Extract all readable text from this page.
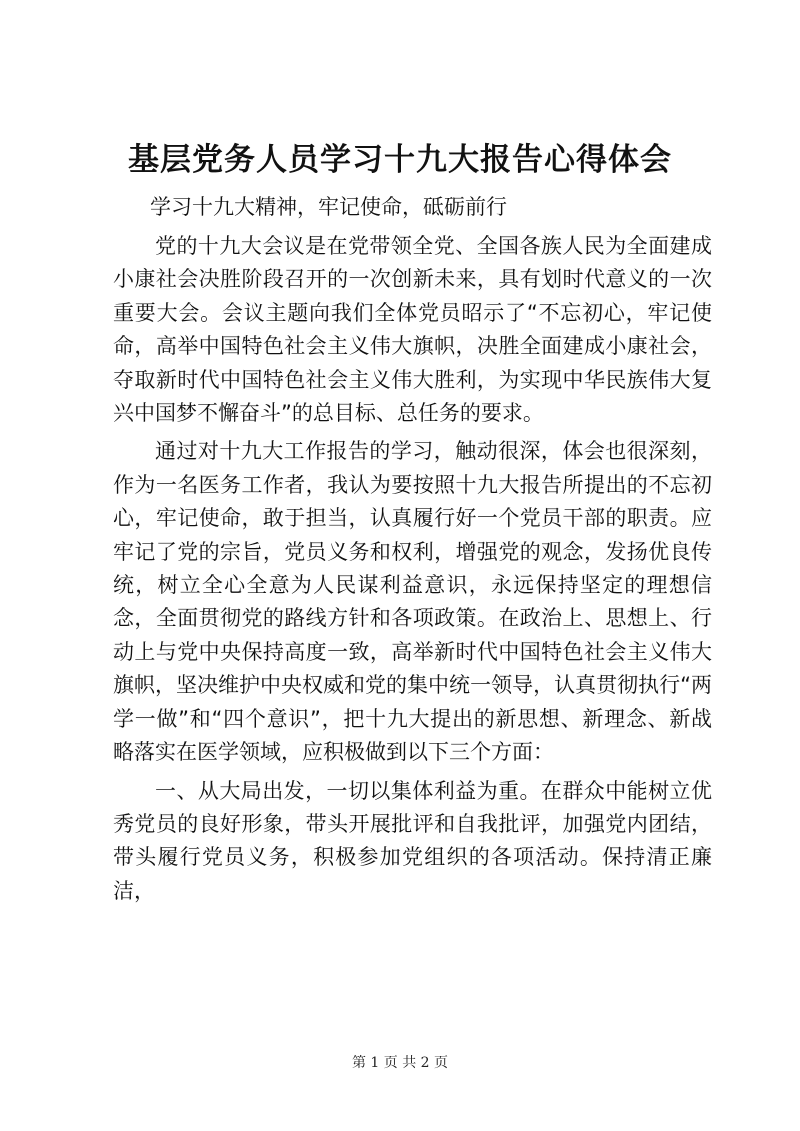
基层党务人员学习十九大报告心得体会

学习十九大精神，牢记使命，砥砺前行

党的十九大会议是在党带领全党、全国各族人民为全面建成小康社会决胜阶段召开的一次创新未来，具有划时代意义的一次重要大会。会议主题向我们全体党员昭示了“不忘初心，牢记使命，高举中国特色社会主义伟大旗帜，决胜全面建成小康社会，夺取新时代中国特色社会主义伟大胜利，为实现中华民族伟大复兴中国梦不懈奋斗”的总目标、总任务的要求。

通过对十九大工作报告的学习，触动很深，体会也很深刻，作为一名医务工作者，我认为要按照十九大报告所提出的不忘初心，牢记使命，敢于担当，认真履行好一个党员干部的职责。应牢记了党的宗旨，党员义务和权利，增强党的观念，发扬优良传统，树立全心全意为人民谋利益意识，永远保持坚定的理想信念，全面贯彻党的路线方针和各项政策。在政治上、思想上、行动上与党中央保持高度一致，高举新时代中国特色社会主义伟大旗帜，坚决维护中央权威和党的集中统一领导，认真贯彻执行“两学一做”和“四个意识”，把十九大提出的新思想、新理念、新战略落实在医学领域，应积极做到以下三个方面：

一、从大局出发，一切以集体利益为重。在群众中能树立优秀党员的良好形象，带头开展批评和自我批评，加强党内团结，带头履行党员义务，积极参加党组织的各项活动。保持清正廉洁，

第 1 页 共 2 页
